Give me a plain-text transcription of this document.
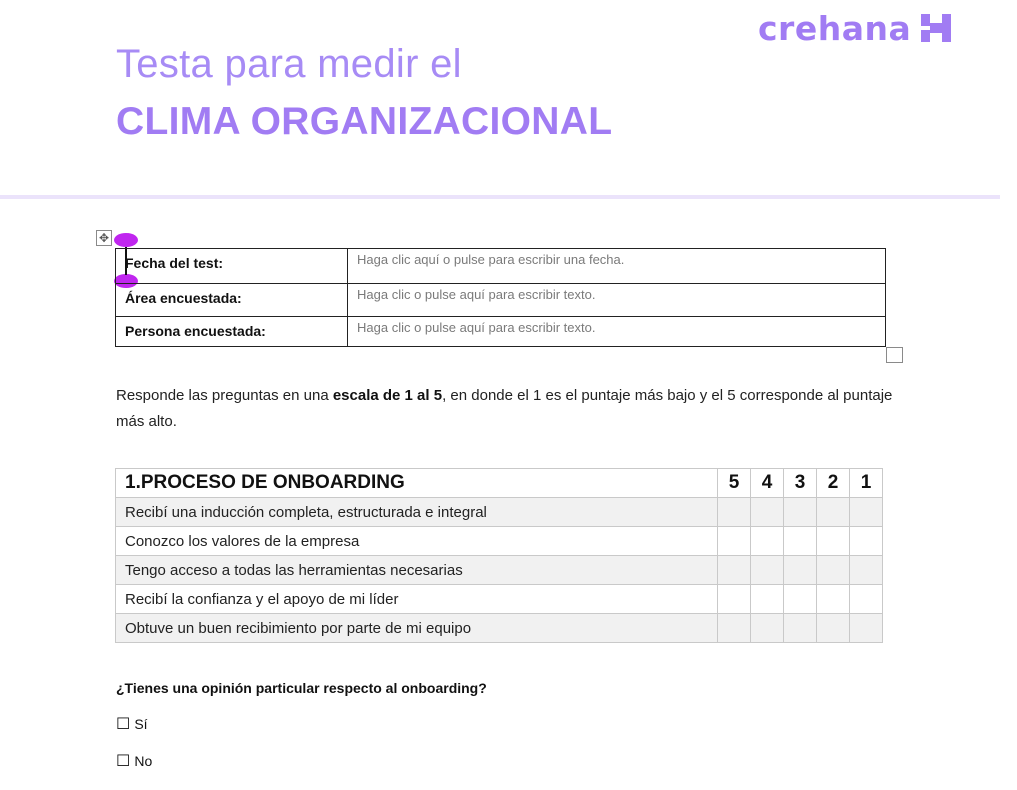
crehana
Testa para medir el
CLIMA ORGANIZACIONAL
✥
Fecha del test:	Haga clic aquí o pulse para escribir una fecha.
Área encuestada:	Haga clic o pulse aquí para escribir texto.
Persona encuestada:	Haga clic o pulse aquí para escribir texto.
Responde las preguntas en una escala de 1 al 5, en donde el 1 es el puntaje más bajo y el 5 corresponde al puntaje más alto.
1.PROCESO DE ONBOARDING	5	4	3	2	1
Recibí una inducción completa, estructurada e integral					
Conozco los valores de la empresa					
Tengo acceso a todas las herramientas necesarias					
Recibí la confianza y el apoyo de mi líder					
Obtuve un buen recibimiento por parte de mi equipo					
¿Tienes una opinión particular respecto al onboarding?
☐ Sí
☐ No
